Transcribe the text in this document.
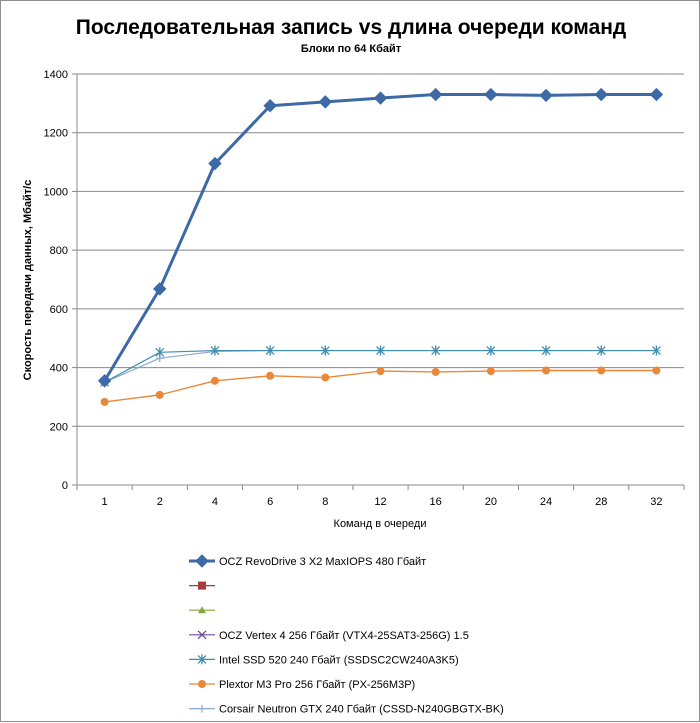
Последовательная запись vs длина очереди команд
Блоки по 64 Кбайт
0
200
400
600
800
1000
1200
1400
1	2	4	6	8	12	16	20	24	28	32
Команд в очереди
Скорость передачи данных, Мбайт/с
OCZ RevoDrive 3 X2 MaxIOPS 480 Гбайт
OCZ Vertex 4 256 Гбайт (VTX4-25SAT3-256G) 1.5
Intel SSD 520 240 Гбайт (SSDSC2CW240A3K5)
Plextor M3 Pro 256 Гбайт (PX-256M3P)
Corsair Neutron GTX 240 Гбайт (CSSD-N240GBGTX-BK)
